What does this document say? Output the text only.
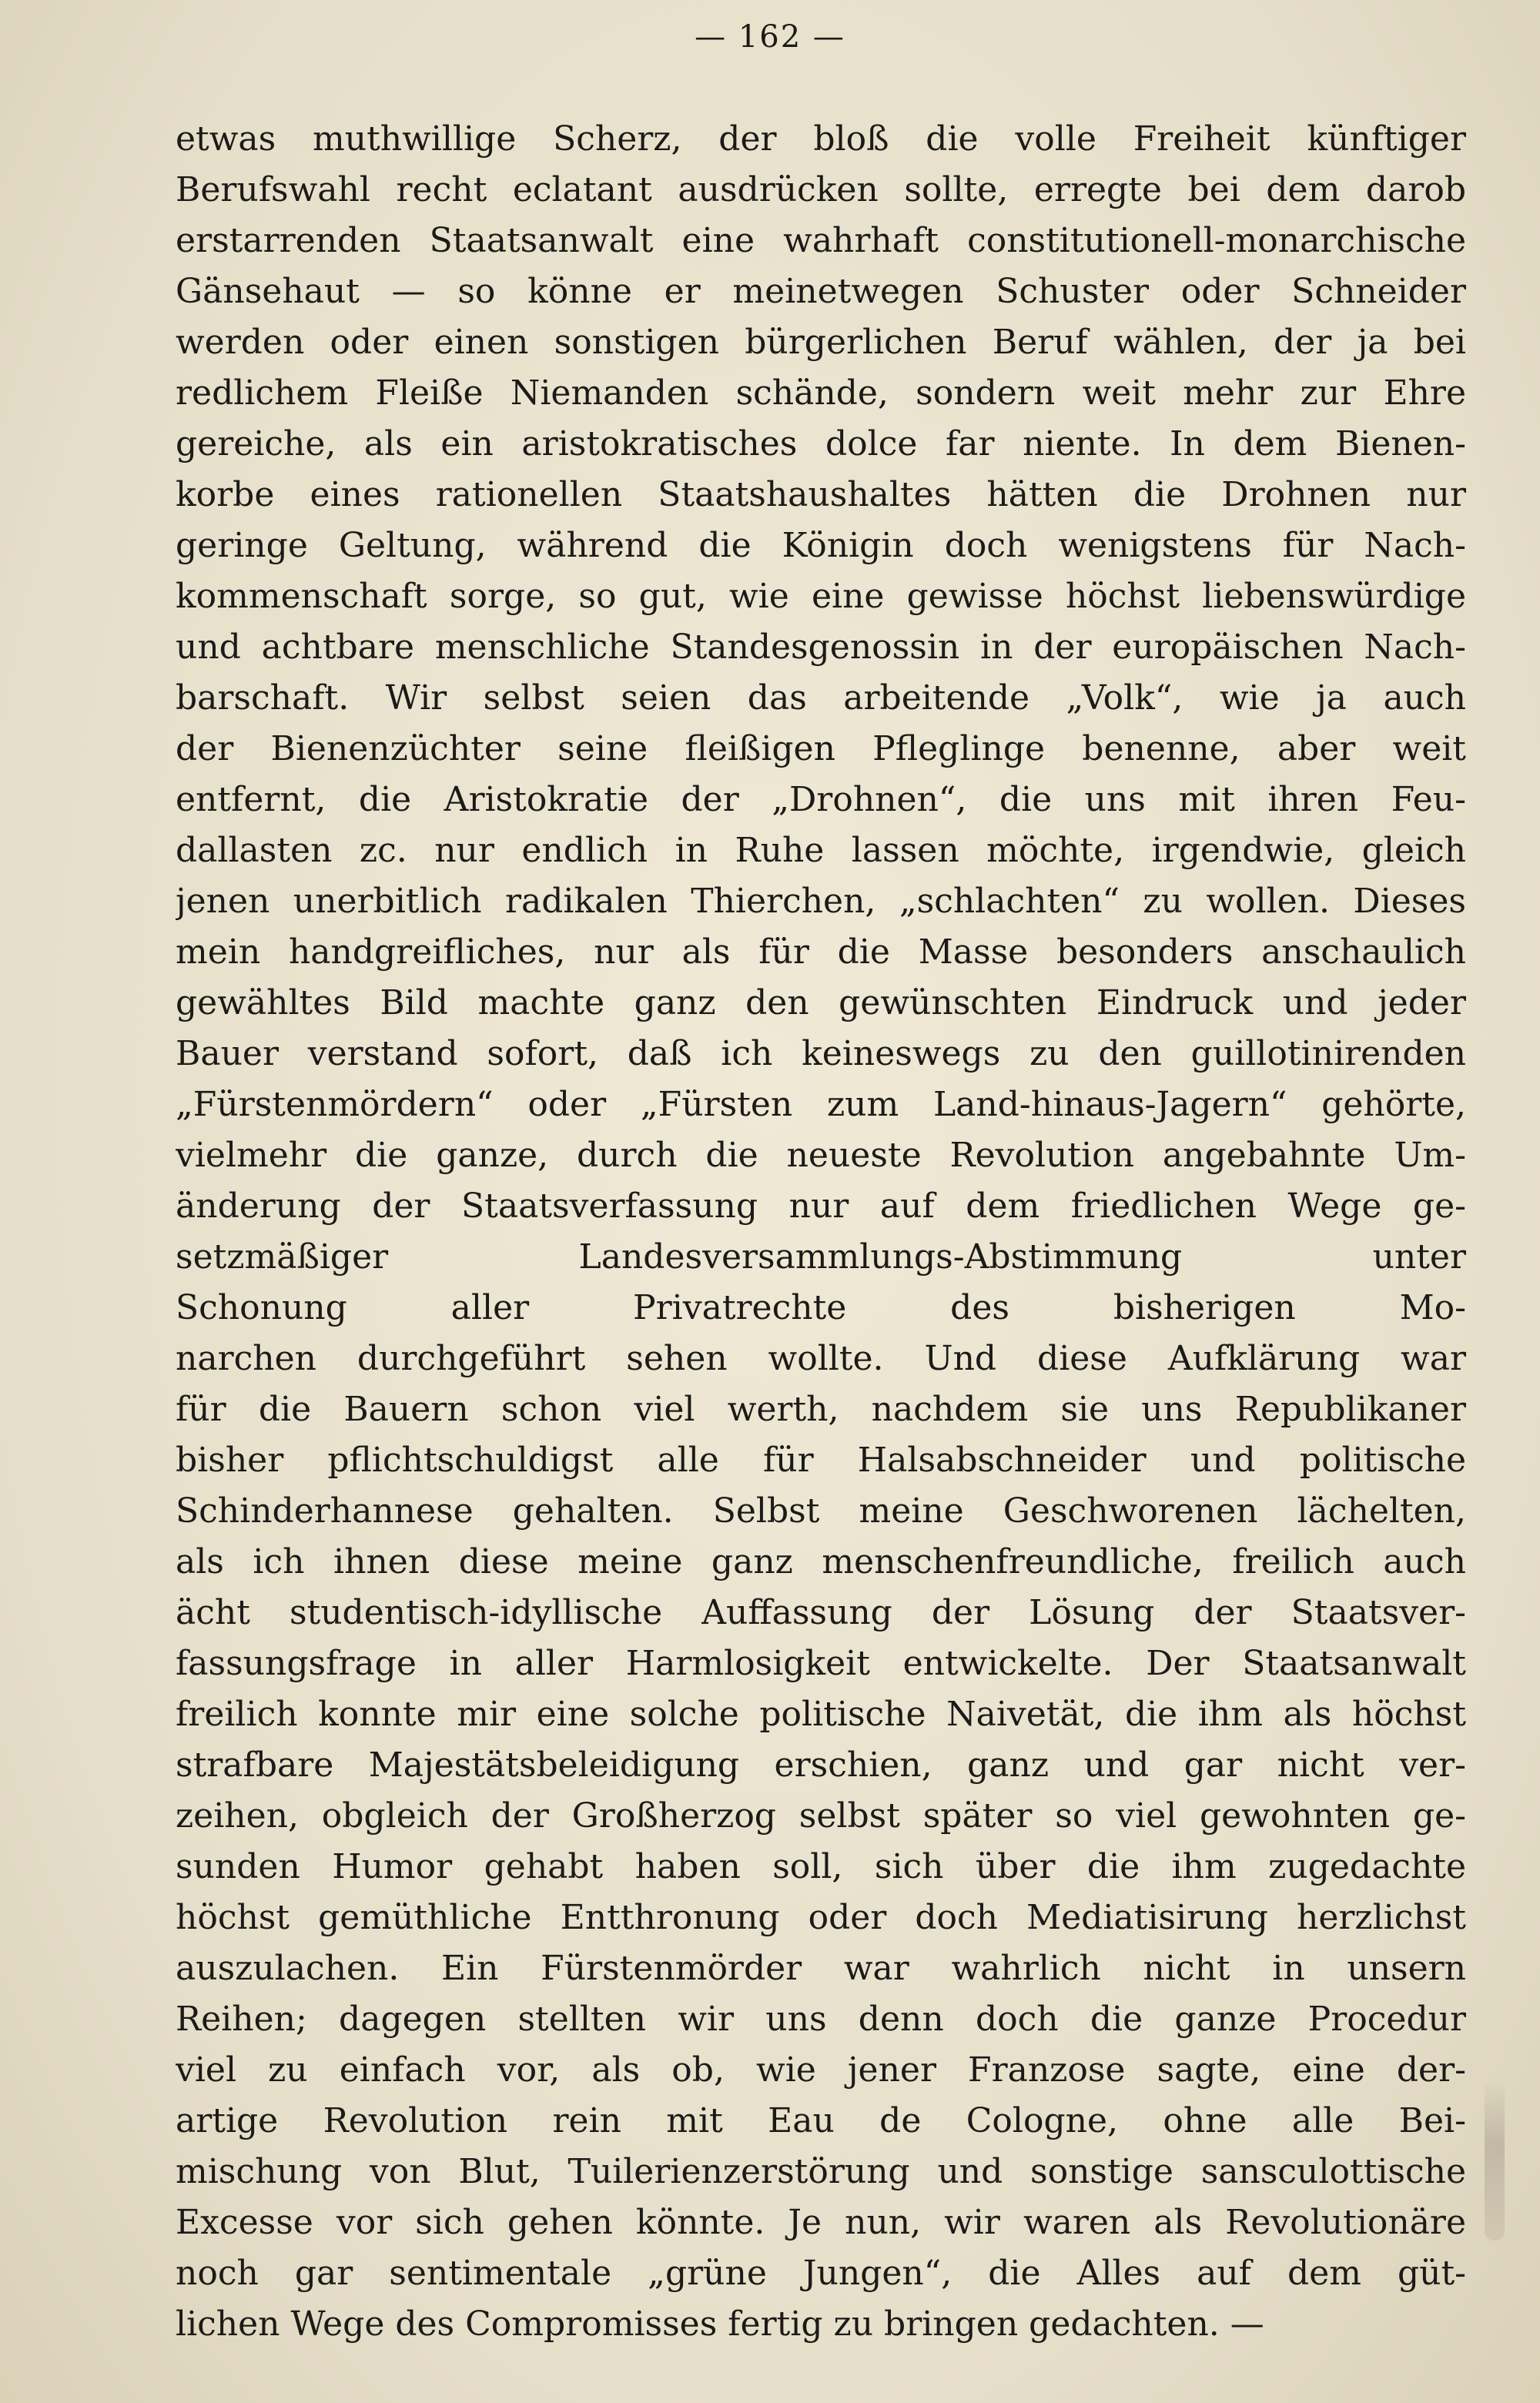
— 162 —
etwas muthwillige Scherz, der bloß die volle Freiheit künftiger
Berufswahl recht eclatant ausdrücken sollte, erregte bei dem darob
erstarrenden Staatsanwalt eine wahrhaft constitutionell-monarchische
Gänsehaut — so könne er meinetwegen Schuster oder Schneider
werden oder einen sonstigen bürgerlichen Beruf wählen, der ja bei
redlichem Fleiße Niemanden schände, sondern weit mehr zur Ehre
gereiche, als ein aristokratisches dolce far niente. In dem Bienen-
korbe eines rationellen Staatshaushaltes hätten die Drohnen nur
geringe Geltung, während die Königin doch wenigstens für Nach-
kommenschaft sorge, so gut, wie eine gewisse höchst liebenswürdige
und achtbare menschliche Standesgenossin in der europäischen Nach-
barschaft. Wir selbst seien das arbeitende „Volk“, wie ja auch
der Bienenzüchter seine fleißigen Pfleglinge benenne, aber weit
entfernt, die Aristokratie der „Drohnen“, die uns mit ihren Feu-
dallasten zc. nur endlich in Ruhe lassen möchte, irgendwie, gleich
jenen unerbitlich radikalen Thierchen, „schlachten“ zu wollen. Dieses
mein handgreifliches, nur als für die Masse besonders anschaulich
gewähltes Bild machte ganz den gewünschten Eindruck und jeder
Bauer verstand sofort, daß ich keineswegs zu den guillotinirenden
„Fürstenmördern“ oder „Fürsten zum Land-hinaus-Jagern“ gehörte,
vielmehr die ganze, durch die neueste Revolution angebahnte Um-
änderung der Staatsverfassung nur auf dem friedlichen Wege ge-
setzmäßiger Landesversammlungs-Abstimmung unter
Schonung aller Privatrechte des bisherigen Mo-
narchen durchgeführt sehen wollte. Und diese Aufklärung war
für die Bauern schon viel werth, nachdem sie uns Republikaner
bisher pflichtschuldigst alle für Halsabschneider und politische
Schinderhannese gehalten. Selbst meine Geschworenen lächelten,
als ich ihnen diese meine ganz menschenfreundliche, freilich auch
ächt studentisch-idyllische Auffassung der Lösung der Staatsver-
fassungsfrage in aller Harmlosigkeit entwickelte. Der Staatsanwalt
freilich konnte mir eine solche politische Naivetät, die ihm als höchst
strafbare Majestätsbeleidigung erschien, ganz und gar nicht ver-
zeihen, obgleich der Großherzog selbst später so viel gewohnten ge-
sunden Humor gehabt haben soll, sich über die ihm zugedachte
höchst gemüthliche Entthronung oder doch Mediatisirung herzlichst
auszulachen. Ein Fürstenmörder war wahrlich nicht in unsern
Reihen; dagegen stellten wir uns denn doch die ganze Procedur
viel zu einfach vor, als ob, wie jener Franzose sagte, eine der-
artige Revolution rein mit Eau de Cologne, ohne alle Bei-
mischung von Blut, Tuilerienzerstörung und sonstige sansculottische
Excesse vor sich gehen könnte. Je nun, wir waren als Revolutionäre
noch gar sentimentale „grüne Jungen“, die Alles auf dem güt-
lichen Wege des Compromisses fertig zu bringen gedachten. —
